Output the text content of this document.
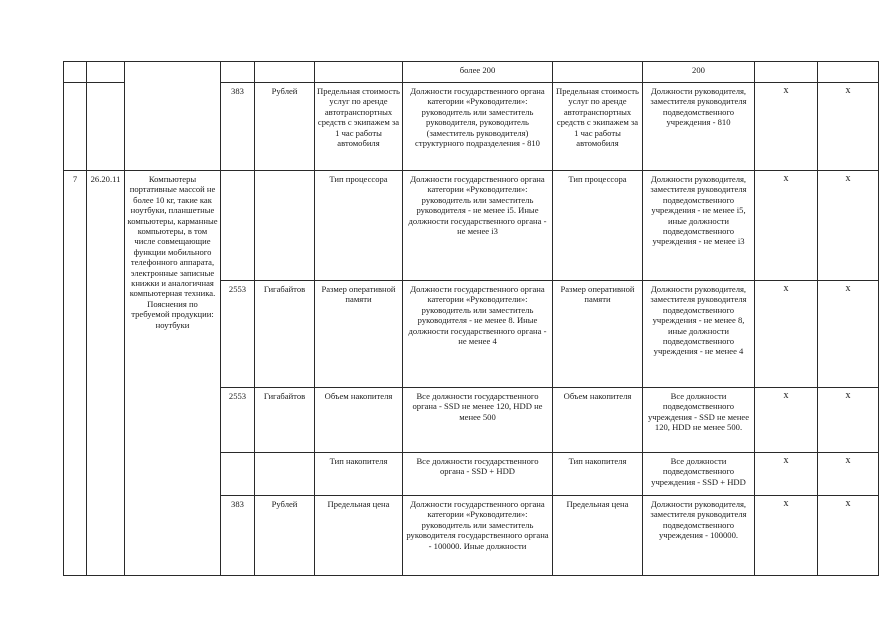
						более 200		200		
			383	Рублей	Предельная стоимость услуг по аренде автотранспортных средств с экипажем за 1 час работы автомобиля	Должности государственного органа категории «Руководители»: руководитель или заместитель руководителя, руководитель (заместитель руководителя) структурного подразделения - 810	Предельная стоимость услуг по аренде автотранспортных средств с экипажем за 1 час работы автомобиля	Должности руководителя, заместителя руководителя подведомственного учреждения - 810	x	x
7	26.20.11	Компьютеры портативные массой не более 10 кг, такие как ноутбуки, планшетные компьютеры, карманные компьютеры, в том числе совмещающие функции мобильного телефонного аппарата, электронные записные книжки и аналогичная компьютерная техника. Пояснения по требуемой продукции: ноутбуки			Тип процессора	Должности государственного органа категории «Руководители»: руководитель или заместитель руководителя - не менее i5. Иные должности государственного органа - не менее i3	Тип процессора	Должности руководителя, заместителя руководителя подведомственного учреждения - не менее i5, иные должности подведомственного учреждения - не менее i3	x	x
			2553	Гигабайтов	Размер оперативной памяти	Должности государственного органа категории «Руководители»: руководитель или заместитель руководителя - не менее 8. Иные должности государственного органа - не менее 4	Размер оперативной памяти	Должности руководителя, заместителя руководителя подведомственного учреждения - не менее 8, иные должности подведомственного учреждения - не менее 4	x	x
			2553	Гигабайтов	Объем накопителя	Все должности государственного органа - SSD не менее 120, HDD не менее 500	Объем накопителя	Все должности подведомственного учреждения - SSD не менее 120, HDD не менее 500.	x	x
					Тип накопителя	Все должности государственного органа - SSD + HDD	Тип накопителя	Все должности подведомственного учреждения - SSD + HDD	x	x
			383	Рублей	Предельная цена	Должности государственного органа категории «Руководители»: руководитель или заместитель руководителя государственного органа - 100000. Иные должности	Предельная цена	Должности руководителя, заместителя руководителя подведомственного учреждения - 100000.	x	x
